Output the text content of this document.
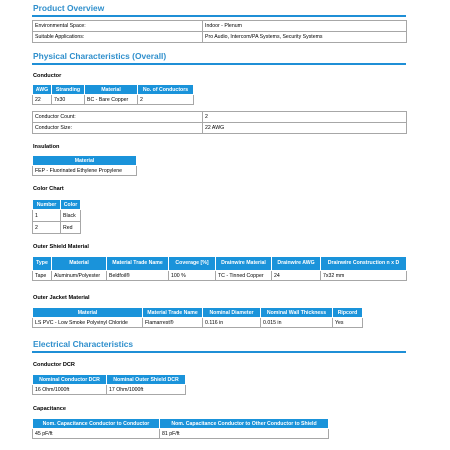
Product Overview
Environmental Space:	Indoor - Plenum
Suitable Applications:	Pro Audio, Intercom/PA Systems, Security Systems
Physical Characteristics (Overall)
Conductor
AWG	Stranding	Material	No. of Conductors
22	7x30	BC - Bare Copper	2
Conductor Count:	2
Conductor Size:	22 AWG
Insulation
Material
FEP - Fluorinated Ethylene Propylene
Color Chart
Number	Color
1	Black
2	Red
Outer Shield Material
Type	Material	Material Trade Name	Coverage [%]	Drainwire Material	Drainwire AWG	Drainwire Construction n x D
Tape	Aluminum/Polyester	Beldfoil®	100 %	TC - Tinned Copper	24	7x32 mm
Outer Jacket Material
Material	Material Trade Name	Nominal Diameter	Nominal Wall Thickness	Ripcord
LS PVC - Low Smoke Polyvinyl Chloride	Flamarrest®	0.116 in	0.015 in	Yes
Electrical Characteristics
Conductor DCR
Nominal Conductor DCR	Nominal Outer Shield DCR
16 Ohm/1000ft	17 Ohm/1000ft
Capacitance
Nom. Capacitance Conductor to Conductor	Nom. Capacitance Conductor to Other Conductor to Shield
45 pF/ft	81 pF/ft
